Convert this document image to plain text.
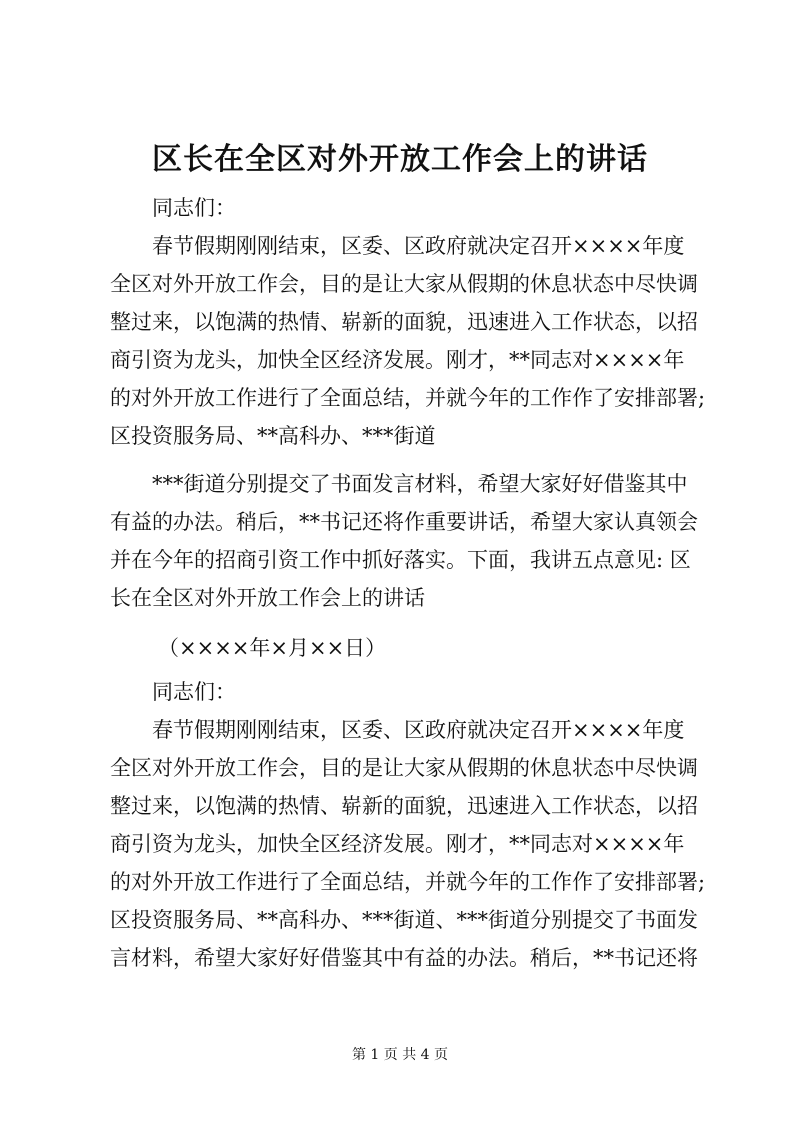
区长在全区对外开放工作会上的讲话

同志们：

春节假期刚刚结束，区委、区政府就决定召开××××年度

全区对外开放工作会，目的是让大家从假期的休息状态中尽快调

整过来，以饱满的热情、崭新的面貌，迅速进入工作状态，以招

商引资为龙头，加快全区经济发展。刚才，**同志对××××年

的对外开放工作进行了全面总结，并就今年的工作作了安排部署;

区投资服务局、**高科办、***街道

***街道分别提交了书面发言材料，希望大家好好借鉴其中

有益的办法。稍后，**书记还将作重要讲话，希望大家认真领会

并在今年的招商引资工作中抓好落实。下面，我讲五点意见: 区

长在全区对外开放工作会上的讲话

（××××年×月××日）

同志们：

春节假期刚刚结束，区委、区政府就决定召开××××年度

全区对外开放工作会，目的是让大家从假期的休息状态中尽快调

整过来，以饱满的热情、崭新的面貌，迅速进入工作状态，以招

商引资为龙头，加快全区经济发展。刚才，**同志对××××年

的对外开放工作进行了全面总结，并就今年的工作作了安排部署;

区投资服务局、**高科办、***街道、***街道分别提交了书面发

言材料，希望大家好好借鉴其中有益的办法。稍后，**书记还将

第 1 页 共 4 页
